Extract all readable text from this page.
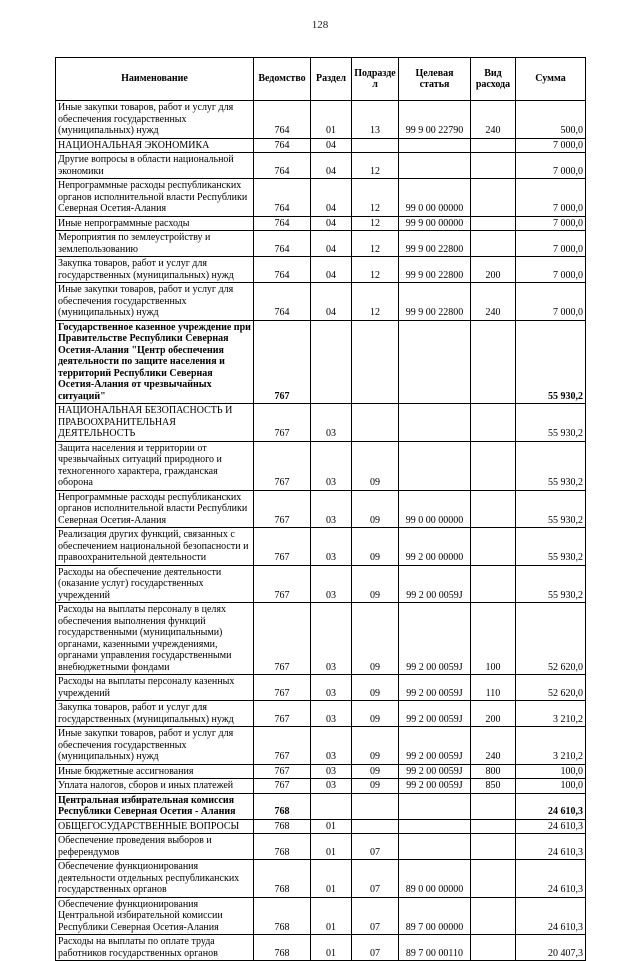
128
Наименование	Ведомство	Раздел	Подраздел	Целевая статья	Вид расхода	Сумма
Иные закупки товаров, работ и услуг для обеспечения государственных (муниципальных) нужд	764	01	13	99 9 00 22790	240	500,0
НАЦИОНАЛЬНАЯ ЭКОНОМИКА	764	04				7 000,0
Другие вопросы в области национальной экономики	764	04	12			7 000,0
Непрограммные расходы республиканских органов исполнительной власти Республики Северная Осетия-Алания	764	04	12	99 0 00 00000		7 000,0
Иные непрограммные расходы	764	04	12	99 9 00 00000		7 000,0
Мероприятия по землеустройству и землепользованию	764	04	12	99 9 00 22800		7 000,0
Закупка товаров, работ и услуг для государственных (муниципальных) нужд	764	04	12	99 9 00 22800	200	7 000,0
Иные закупки товаров, работ и услуг для обеспечения государственных (муниципальных) нужд	764	04	12	99 9 00 22800	240	7 000,0
Государственное казенное учреждение при Правительстве Республики Северная Осетия-Алания "Центр обеспечения деятельности по защите населения и территорий Республики Северная Осетия-Алания от чрезвычайных ситуаций"	767					55 930,2
НАЦИОНАЛЬНАЯ БЕЗОПАСНОСТЬ И ПРАВООХРАНИТЕЛЬНАЯ ДЕЯТЕЛЬНОСТЬ	767	03				55 930,2
Защита населения и территории от чрезвычайных ситуаций природного и техногенного характера, гражданская оборона	767	03	09			55 930,2
Непрограммные расходы республиканских органов исполнительной власти Республики Северная Осетия-Алания	767	03	09	99 0 00 00000		55 930,2
Реализация других функций, связанных с обеспечением национальной безопасности и правоохранительной деятельности	767	03	09	99 2 00 00000		55 930,2
Расходы на обеспечение деятельности (оказание услуг) государственных учреждений	767	03	09	99 2 00 0059J		55 930,2
Расходы на выплаты персоналу в целях обеспечения выполнения функций государственными (муниципальными) органами, казенными учреждениями, органами управления государственными внебюджетными фондами	767	03	09	99 2 00 0059J	100	52 620,0
Расходы на выплаты персоналу казенных учреждений	767	03	09	99 2 00 0059J	110	52 620,0
Закупка товаров, работ и услуг для государственных (муниципальных) нужд	767	03	09	99 2 00 0059J	200	3 210,2
Иные закупки товаров, работ и услуг для обеспечения государственных (муниципальных) нужд	767	03	09	99 2 00 0059J	240	3 210,2
Иные бюджетные ассигнования	767	03	09	99 2 00 0059J	800	100,0
Уплата налогов, сборов и иных платежей	767	03	09	99 2 00 0059J	850	100,0
Центральная избирательная комиссия Республики Северная Осетия - Алания	768					24 610,3
ОБЩЕГОСУДАРСТВЕННЫЕ ВОПРОСЫ	768	01				24 610,3
Обеспечение проведения выборов и референдумов	768	01	07			24 610,3
Обеспечение функционирования деятельности отдельных республиканских государственных органов	768	01	07	89 0 00 00000		24 610,3
Обеспечение функционирования Центральной избирательной комиссии Республики Северная Осетия-Алания	768	01	07	89 7 00 00000		24 610,3
Расходы на выплаты по оплате труда работников государственных органов	768	01	07	89 7 00 00110		20 407,3
